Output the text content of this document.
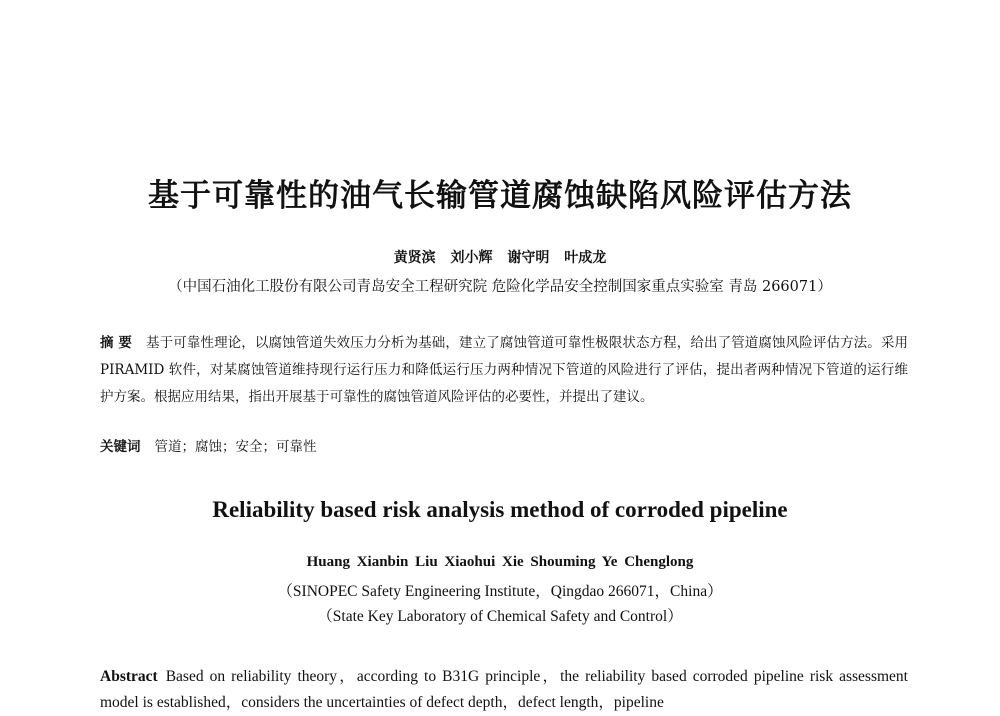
基于可靠性的油气长输管道腐蚀缺陷风险评估方法
黄贤滨 刘小辉 谢守明 叶成龙
（中国石油化工股份有限公司青岛安全工程研究院 危险化学品安全控制国家重点实验室 青岛 266071）
摘 要 基于可靠性理论，以腐蚀管道失效压力分析为基础，建立了腐蚀管道可靠性极限状态方程，给出了管道腐蚀风险评估方法。采用 PIRAMID 软件，对某腐蚀管道维持现行运行压力和降低运行压力两种情况下管道的风险进行了评估，提出者两种情况下管道的运行维护方案。根据应用结果，指出开展基于可靠性的腐蚀管道风险评估的必要性，并提出了建议。
关键词 管道；腐蚀；安全；可靠性
Reliability based risk analysis method of corroded pipeline
Huang Xianbin Liu Xiaohui Xie Shouming Ye Chenglong
（SINOPEC Safety Engineering Institute，Qingdao 266071，China）
（State Key Laboratory of Chemical Safety and Control）
Abstract Based on reliability theory，according to B31G principle，the reliability based corroded pipeline risk assessment model is established，considers the uncertainties of defect depth，defect length，pipeline
